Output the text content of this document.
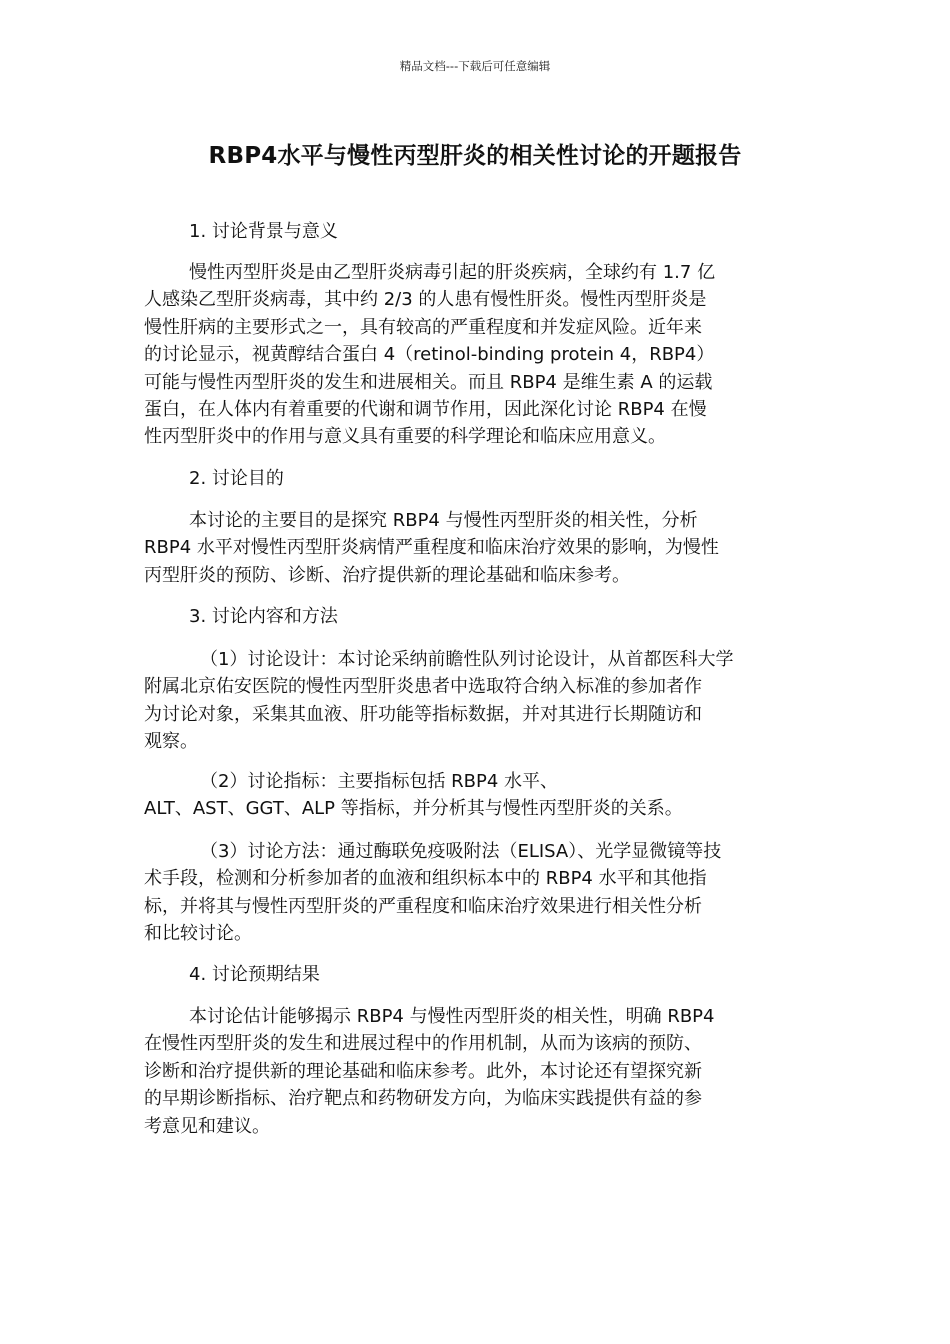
精品文档---下载后可任意编辑
RBP4水平与慢性丙型肝炎的相关性讨论的开题报告
1. 讨论背景与意义
慢性丙型肝炎是由乙型肝炎病毒引起的肝炎疾病，全球约有 1.7 亿
人感染乙型肝炎病毒，其中约 2/3 的人患有慢性肝炎。慢性丙型肝炎是
慢性肝病的主要形式之一，具有较高的严重程度和并发症风险。近年来
的讨论显示，视黄醇结合蛋白 4（retinol-binding protein 4，RBP4）
可能与慢性丙型肝炎的发生和进展相关。而且 RBP4 是维生素 A 的运载
蛋白，在人体内有着重要的代谢和调节作用，因此深化讨论 RBP4 在慢
性丙型肝炎中的作用与意义具有重要的科学理论和临床应用意义。
2. 讨论目的
本讨论的主要目的是探究 RBP4 与慢性丙型肝炎的相关性，分析
RBP4 水平对慢性丙型肝炎病情严重程度和临床治疗效果的影响，为慢性
丙型肝炎的预防、诊断、治疗提供新的理论基础和临床参考。
3. 讨论内容和方法
（1）讨论设计：本讨论采纳前瞻性队列讨论设计，从首都医科大学
附属北京佑安医院的慢性丙型肝炎患者中选取符合纳入标准的参加者作
为讨论对象，采集其血液、肝功能等指标数据，并对其进行长期随访和
观察。
（2）讨论指标：主要指标包括 RBP4 水平、
ALT、AST、GGT、ALP 等指标，并分析其与慢性丙型肝炎的关系。
（3）讨论方法：通过酶联免疫吸附法（ELISA）、光学显微镜等技
术手段，检测和分析参加者的血液和组织标本中的 RBP4 水平和其他指
标，并将其与慢性丙型肝炎的严重程度和临床治疗效果进行相关性分析
和比较讨论。
4. 讨论预期结果
本讨论估计能够揭示 RBP4 与慢性丙型肝炎的相关性，明确 RBP4
在慢性丙型肝炎的发生和进展过程中的作用机制，从而为该病的预防、
诊断和治疗提供新的理论基础和临床参考。此外，本讨论还有望探究新
的早期诊断指标、治疗靶点和药物研发方向，为临床实践提供有益的参
考意见和建议。
